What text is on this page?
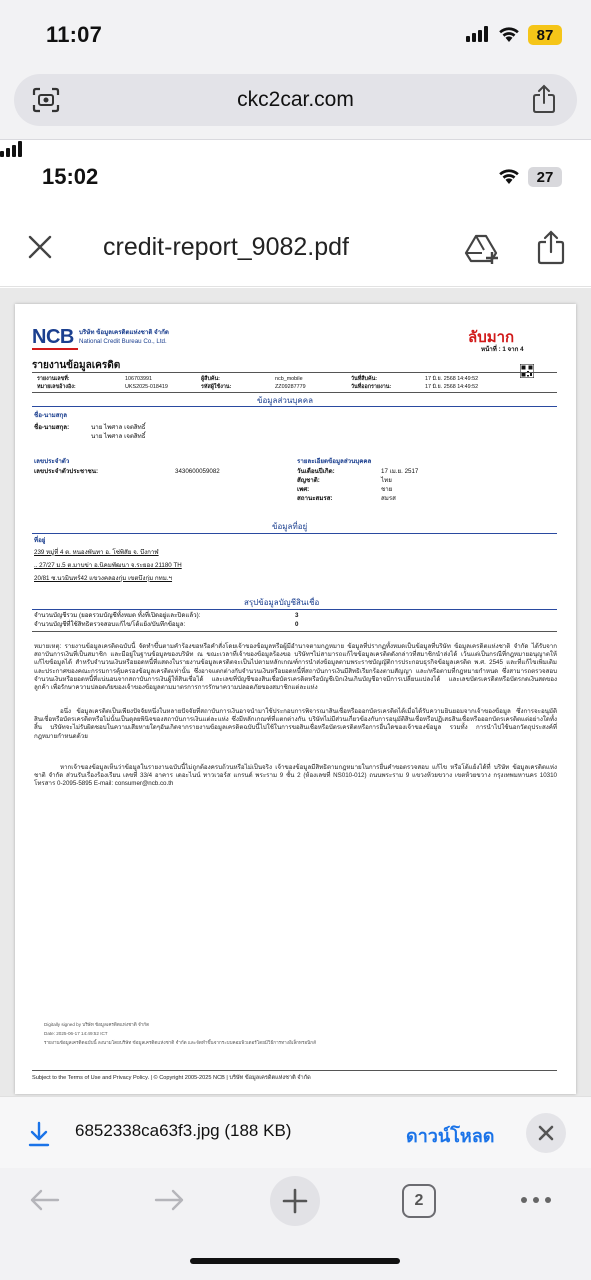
11:07	87
ckc2car.com
15:02	27
credit-report_9082.pdf
NCB บริษัท ข้อมูลเครดิตแห่งชาติ จำกัด
National Credit Bureau Co., Ltd.	ลับมาก
หน้าที่ : 1 จาก 4
รายงานข้อมูลเครดิต
รายงานเลขที่:	106703991
หมายเลขอ้างอิง:	UKS2025-018419
ผู้สืบค้น:	ncb_mobile
รหัสผู้ใช้งาน:	ZZ09287779
วันที่สืบค้น:	17 มิ.ย. 2568 14:49:52
วันที่ออกรายงาน:	17 มิ.ย. 2568 14:49:52
ข้อมูลส่วนบุคคล
ชื่อ-นามสกุล
ชื่อ-นามสกุล:	นาย ไพศาล เจตสิทธิ์
นาย ไพศาล เจตสิทธิ์
เลขประจำตัว
เลขประจำตัวประชาชน:	3430600059082
รายละเอียดข้อมูลส่วนบุคคล
วันเดือนปีเกิด:	17 เม.ย. 2517
สัญชาติ:	ไทย
เพศ:	ชาย
สถานะสมรส:	สมรส
ข้อมูลที่อยู่
ที่อยู่
239 หมู่ที่ 4 ต. หนองพันทา อ. โซ่พิสัย จ. บึงกาฬ
.. 27/27 ม.5 ต.มาบข่า อ.นิคมพัฒนา จ.ระยอง 21180 TH
20/81 ซ.นวมินทร์42 แขวงคลองกุ่ม เขตบึงกุ่ม กทม.ฯ
สรุปข้อมูลบัญชีสินเชื่อ
จำนวนบัญชีรวม (ยอดรวมบัญชีทั้งหมด ทั้งที่เปิดอยู่และปิดแล้ว):	3
จำนวนบัญชีที่ใช้สิทธิตรวจสอบแก้ไข/โต้แย้ง/บันทึกข้อมูล:	0
หมายเหตุ: รายงานข้อมูลเครดิตฉบับนี้ จัดทำขึ้นตามคำร้องขอหรือคำสั่งโดยเจ้าของข้อมูลหรือผู้มีอำนาจตามกฎหมาย ข้อมูลที่ปรากฏทั้งหมดเป็นข้อมูลที่บริษัท ข้อมูลเครดิตแห่งชาติ จำกัด ได้รับจากสถาบันการเงินที่เป็นสมาชิก และมีอยู่ในฐานข้อมูลของบริษัท ณ ขณะเวลาที่เจ้าของข้อมูลร้องขอ บริษัทฯไม่สามารถแก้ไขข้อมูลเครดิตดังกล่าวที่สมาชิกนำส่งได้ เว้นแต่เป็นกรณีที่กฎหมายอนุญาตให้แก้ไขข้อมูลได้ สำหรับจำนวนเงินหรือยอดหนี้ที่แสดงในรายงานข้อมูลเครดิตจะเป็นไปตามหลักเกณฑ์การนำส่งข้อมูลตามพระราชบัญญัติการประกอบธุรกิจข้อมูลเครดิต พ.ศ. 2545 และที่แก้ไขเพิ่มเติม และประกาศของคณะกรรมการคุ้มครองข้อมูลเครดิตเท่านั้น ซึ่งอาจแตกต่างกับจำนวนเงินหรือยอดหนี้ที่สถาบันการเงินมีสิทธิเรียกร้องตามสัญญา และ/หรือตามที่กฎหมายกำหนด ซึ่งสามารถตรวจสอบจำนวนเงินหรือยอดหนี้ที่แน่นอนจากสถาบันการเงินผู้ให้สินเชื่อได้ และเลขที่บัญชีของสินเชื่อบัตรเครดิตหรือบัญชีเบิกเงินเกินบัญชีอาจมีการเปลี่ยนแปลงได้ และเลขบัตรเครดิตหรือบัตรกดเงินสดของลูกค้า เพื่อรักษาความปลอดภัยของเจ้าของข้อมูลตามมาตรการการรักษาความปลอดภัยของสมาชิกแต่ละแห่ง
อนึ่ง ข้อมูลเครดิตเป็นเพียงปัจจัยหนึ่งในหลายปัจจัยที่สถาบันการเงินอาจนำมาใช้ประกอบการพิจารณาสินเชื่อหรือออกบัตรเครดิตได้เมื่อได้รับความยินยอมจากเจ้าของข้อมูล ซึ่งการจะอนุมัติสินเชื่อหรือบัตรเครดิตหรือไม่นั้นเป็นดุลยพินิจของสถาบันการเงินแต่ละแห่ง ซึ่งมีหลักเกณฑ์ที่แตกต่างกัน บริษัทไม่มีส่วนเกี่ยวข้องกับการอนุมัติสินเชื่อหรือปฏิเสธสินเชื่อหรือออกบัตรเครดิตแต่อย่างใดทั้งสิ้น บริษัทจะไม่รับผิดชอบในความเสียหายใดๆอันเกิดจากรายงานข้อมูลเครดิตฉบับนี้ไปใช้ในการขอสินเชื่อหรือบัตรเครดิตหรือการอื่นใดของเจ้าของข้อมูล รวมทั้ง การนำไปใช้นอกวัตถุประสงค์ที่กฎหมายกำหนดด้วย
หากเจ้าของข้อมูลเห็นว่าข้อมูลในรายงานฉบับนี้ไม่ถูกต้องครบถ้วนหรือไม่เป็นจริง เจ้าของข้อมูลมีสิทธิตามกฎหมายในการยื่นคำขอตรวจสอบ แก้ไข หรือโต้แย้งได้ที่ บริษัท ข้อมูลเครดิตแห่งชาติ จำกัด ส่วนรับเรื่องร้องเรียน เลขที่ 33/4 อาคาร เดอะไนน์ ทาวเวอร์ส แกรนด์ พระราม 9 ชั้น 2 (ห้องเลขที่ NS010-012) ถนนพระราม 9 แขวงห้วยขวาง เขตห้วยขวาง กรุงเทพมหานคร 10310 โทรสาร 0-2095-5895 E-mail: consumer@ncb.co.th
Digitally signed by บริษัท ข้อมูลเครดิตแห่งชาติ จำกัด
Date: 2025-06-17 14:49:52 ICT
รายงานข้อมูลเครดิตฉบับนี้ ลงนามโดยบริษัท ข้อมูลเครดิตแห่งชาติ จำกัด และจัดทำขึ้นจากระบบคอมพิวเตอร์โดยมีวิธีการทางอิเล็กทรอนิกส์
Subject to the Terms of Use and Privacy Policy. | © Copyright 2005-2025 NCB | บริษัท ข้อมูลเครดิตแห่งชาติ จำกัด
6852338ca63f3.jpg (188 KB)	ดาวน์โหลด
2
